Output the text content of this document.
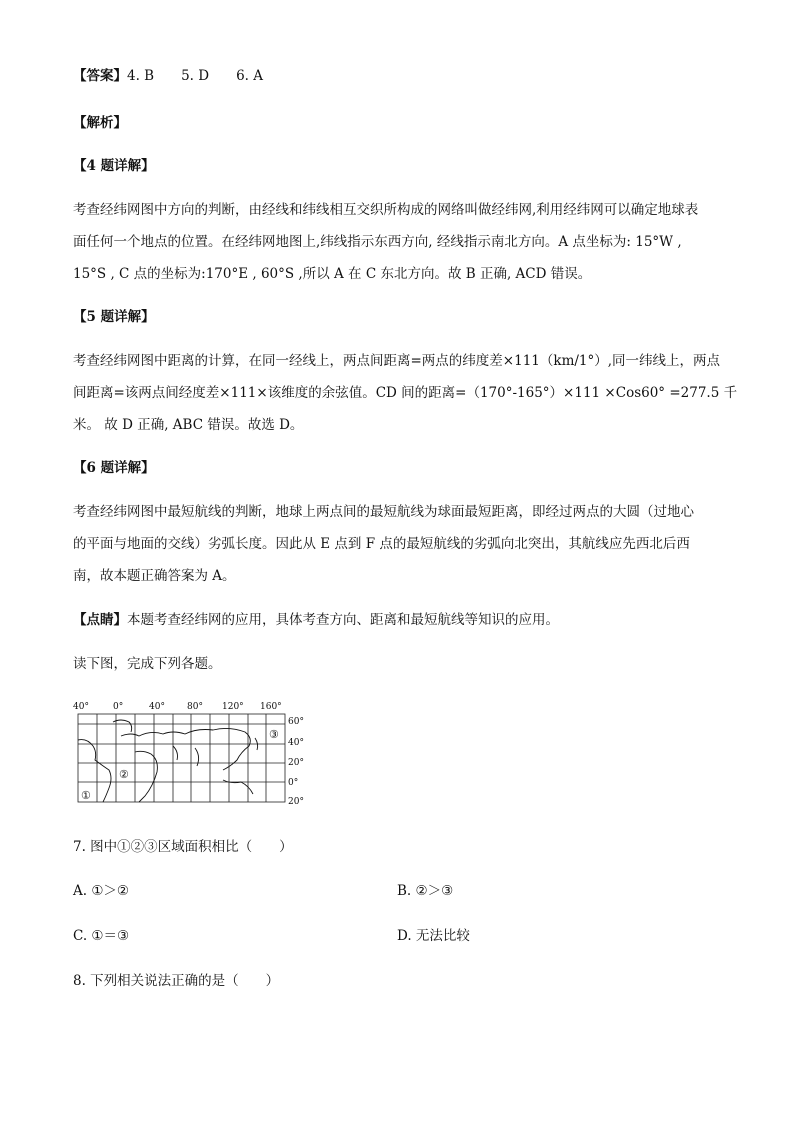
【答案】4. B　　5. D　　6. A
【解析】
【4 题详解】
考查经纬网图中方向的判断，由经线和纬线相互交织所构成的网络叫做经纬网,利用经纬网可以确定地球表
面任何一个地点的位置。在经纬网地图上,纬线指示东西方向, 经线指示南北方向。A 点坐标为: 15°W ,
15°S , C 点的坐标为:170°E , 60°S ,所以 A 在 C 东北方向。故 B 正确, ACD 错误。
【5 题详解】
考查经纬网图中距离的计算，在同一经线上，两点间距离=两点的纬度差×111（km/1°）,同一纬线上，两点
间距离=该两点间经度差×111×该维度的余弦值。CD 间的距离=（170°-165°）×111 ×Cos60° =277.5 千
米。 故 D 正确, ABC 错误。故选 D。
【6 题详解】
考查经纬网图中最短航线的判断，地球上两点间的最短航线为球面最短距离，即经过两点的大圆（过地心
的平面与地面的交线）劣弧长度。因此从 E 点到 F 点的最短航线的劣弧向北突出，其航线应先西北后西
南，故本题正确答案为 A。
【点睛】本题考查经纬网的应用，具体考查方向、距离和最短航线等知识的应用。
读下图，完成下列各题。
40°	0°	40° 80° 120° 160°
60°
40°
20°
0°
20°
①
②
③
7. 图中①②③区域面积相比（　　）
A. ①＞②	B. ②＞③
C. ①＝③	D. 无法比较
8. 下列相关说法正确的是（　　）
